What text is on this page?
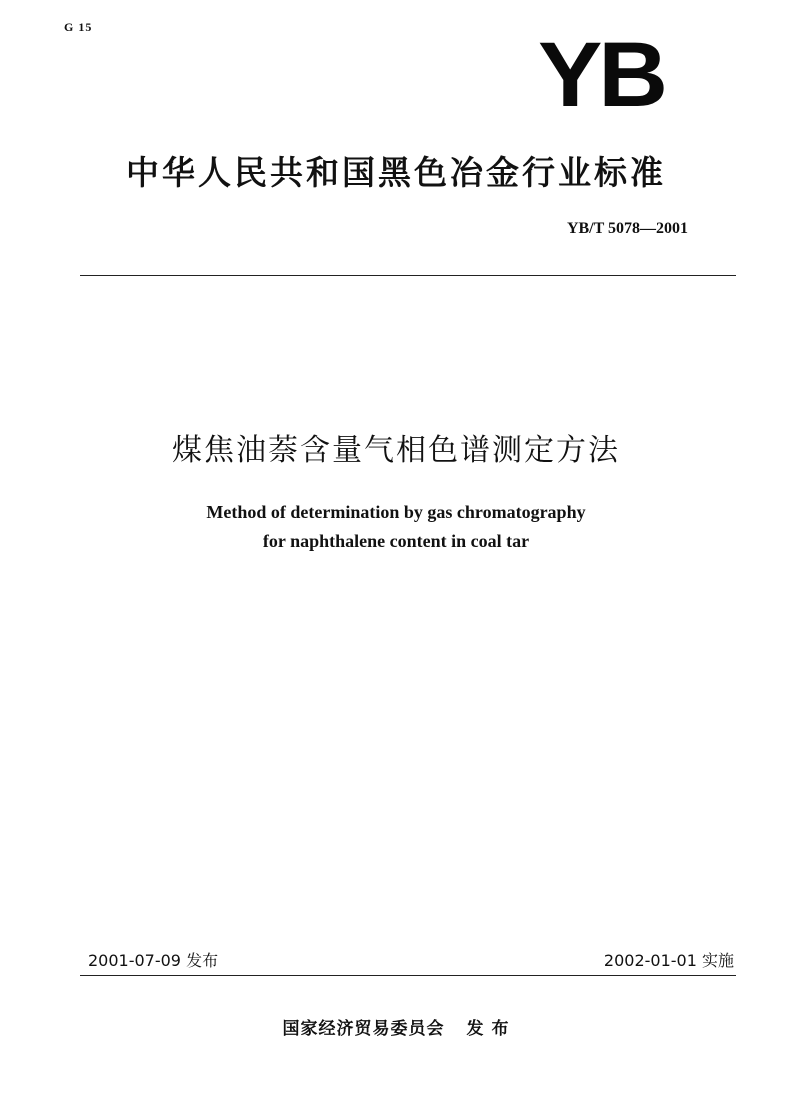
G 15	YB
中华人民共和国黑色冶金行业标准
YB/T 5078—2001
煤焦油萘含量气相色谱测定方法
Method of determination by gas chromatography
for naphthalene content in coal tar
2001-07-09 发布	2002-01-01 实施
国家经济贸易委员会 发 布
